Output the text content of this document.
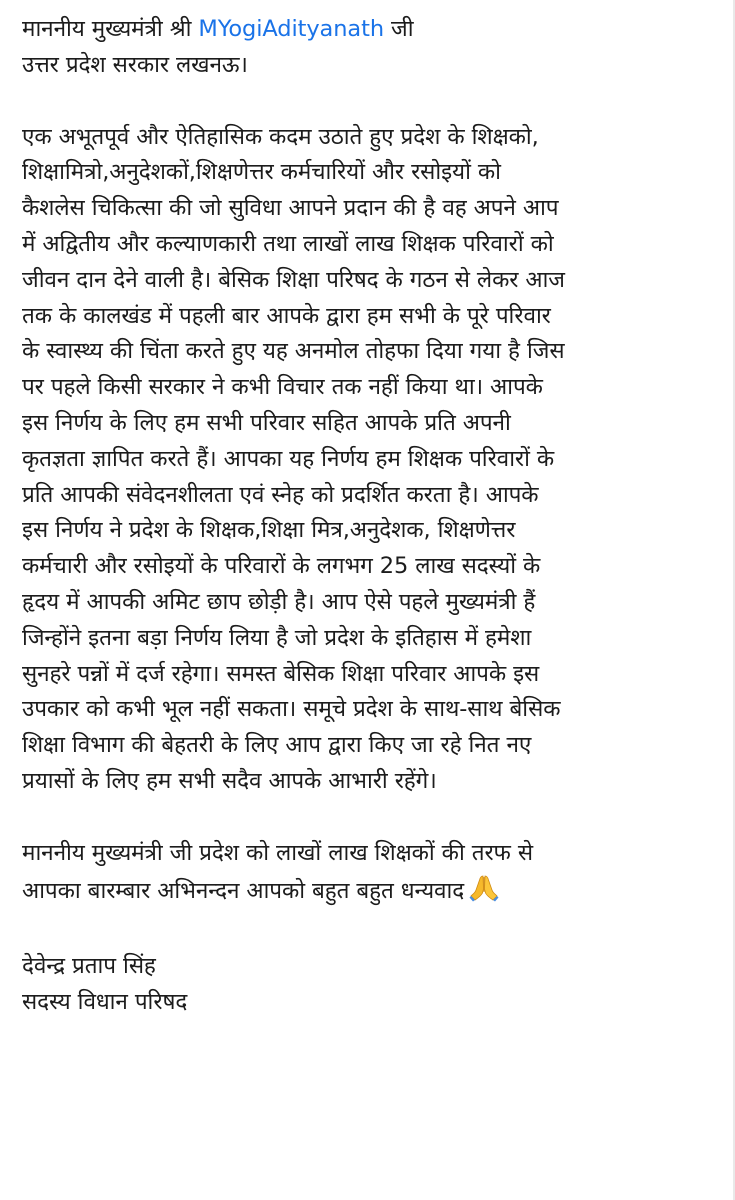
माननीय मुख्यमंत्री श्री MYogiAdityanath जी
उत्तर प्रदेश सरकार लखनऊ।

एक अभूतपूर्व और ऐतिहासिक कदम उठाते हुए प्रदेश के शिक्षको,
शिक्षामित्रो,अनुदेशकों,शिक्षणेत्तर कर्मचारियों और रसोइयों को
कैशलेस चिकित्सा की जो सुविधा आपने प्रदान की है वह अपने आप
में अद्वितीय और कल्याणकारी तथा लाखों लाख शिक्षक परिवारों को
जीवन दान देने वाली है। बेसिक शिक्षा परिषद के गठन से लेकर आज
तक के कालखंड में पहली बार आपके द्वारा हम सभी के पूरे परिवार
के स्वास्थ्य की चिंता करते हुए यह अनमोल तोहफा दिया गया है जिस
पर पहले किसी सरकार ने कभी विचार तक नहीं किया था। आपके
इस निर्णय के लिए हम सभी परिवार सहित आपके प्रति अपनी
कृतज्ञता ज्ञापित करते हैं। आपका यह निर्णय हम शिक्षक परिवारों के
प्रति आपकी संवेदनशीलता एवं स्नेह को प्रदर्शित करता है। आपके
इस निर्णय ने प्रदेश के शिक्षक,शिक्षा मित्र,अनुदेशक, शिक्षणेत्तर
कर्मचारी और रसोइयों के परिवारों के लगभग 25 लाख सदस्यों के
हृदय में आपकी अमिट छाप छोड़ी है। आप ऐसे पहले मुख्यमंत्री हैं
जिन्होंने इतना बड़ा निर्णय लिया है जो प्रदेश के इतिहास में हमेशा
सुनहरे पन्नों में दर्ज रहेगा। समस्त बेसिक शिक्षा परिवार आपके इस
उपकार को कभी भूल नहीं सकता। समूचे प्रदेश के साथ-साथ बेसिक
शिक्षा विभाग की बेहतरी के लिए आप द्वारा किए जा रहे नित नए
प्रयासों के लिए हम सभी सदैव आपके आभारी रहेंगे।

माननीय मुख्यमंत्री जी प्रदेश को लाखों लाख शिक्षकों की तरफ से
आपका बारम्बार अभिनन्दन आपको बहुत बहुत धन्यवाद

देवेन्द्र प्रताप सिंह
सदस्य विधान परिषद
